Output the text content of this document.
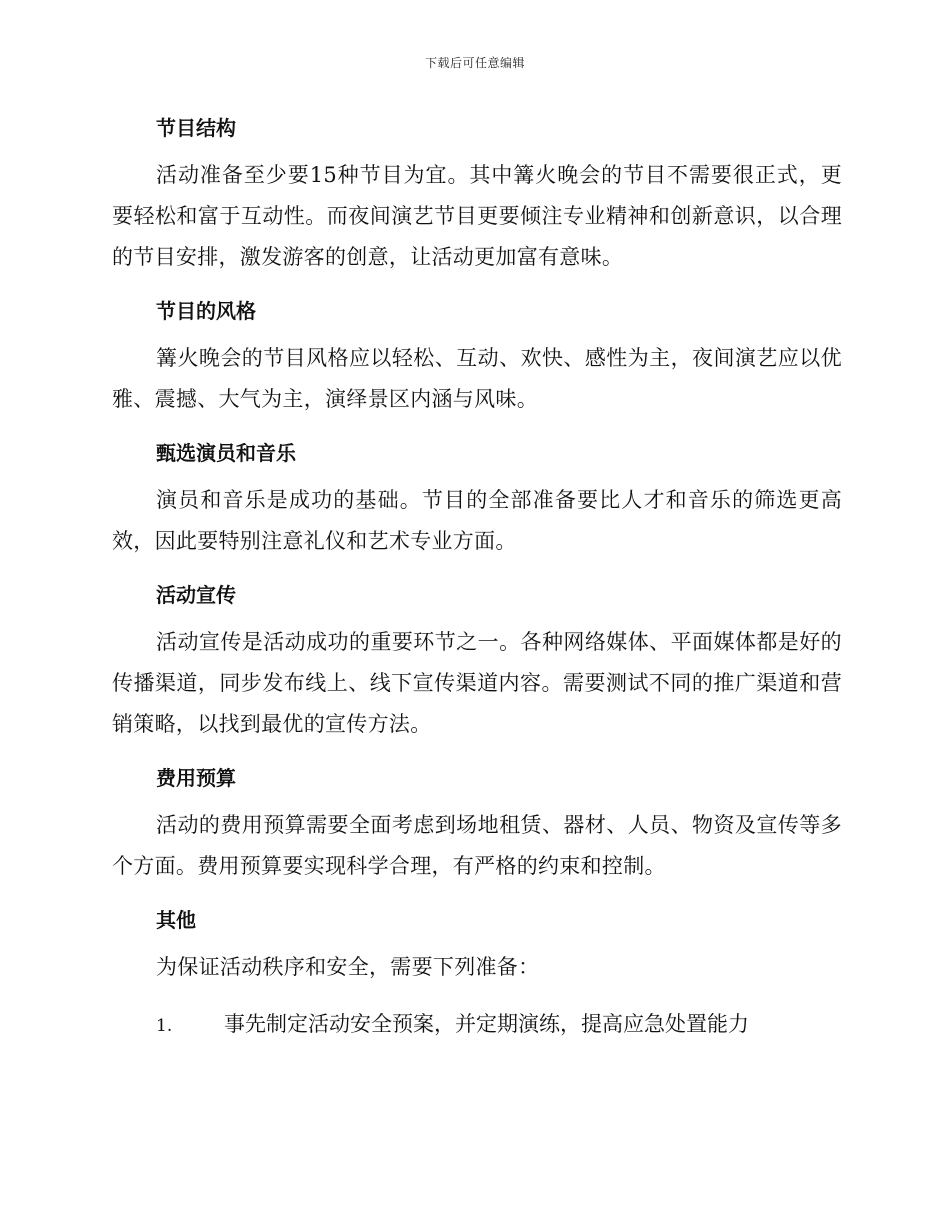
下载后可任意编辑
节目结构

活动准备至少要15种节目为宜。其中篝火晚会的节目不需要很正式，更要轻松和富于互动性。而夜间演艺节目更要倾注专业精神和创新意识，以合理的节目安排，激发游客的创意，让活动更加富有意味。

节目的风格

篝火晚会的节目风格应以轻松、互动、欢快、感性为主，夜间演艺应以优雅、震撼、大气为主，演绎景区内涵与风味。

甄选演员和音乐

演员和音乐是成功的基础。节目的全部准备要比人才和音乐的筛选更高效，因此要特别注意礼仪和艺术专业方面。

活动宣传

活动宣传是活动成功的重要环节之一。各种网络媒体、平面媒体都是好的传播渠道，同步发布线上、线下宣传渠道内容。需要测试不同的推广渠道和营销策略，以找到最优的宣传方法。

费用预算

活动的费用预算需要全面考虑到场地租赁、器材、人员、物资及宣传等多个方面。费用预算要实现科学合理，有严格的约束和控制。

其他

为保证活动秩序和安全，需要下列准备：

1.	事先制定活动安全预案，并定期演练，提高应急处置能力
